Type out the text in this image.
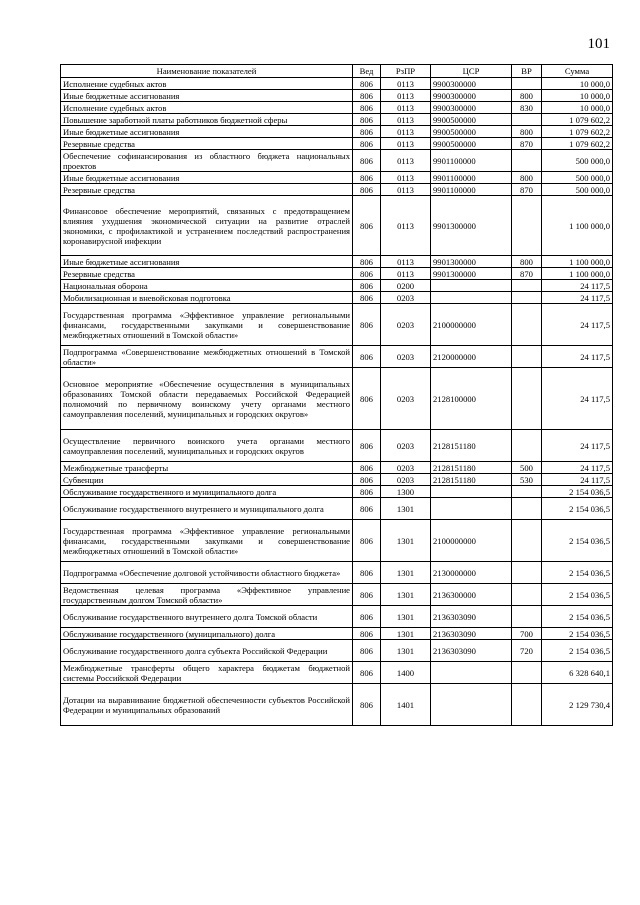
101
Наименование показателей	Вед	РзПР	ЦСР	ВР	Сумма
Исполнение судебных актов	806	0113	9900300000		10 000,0
Иные бюджетные ассигнования	806	0113	9900300000	800	10 000,0
Исполнение судебных актов	806	0113	9900300000	830	10 000,0
Повышение заработной платы работников бюджетной сферы	806	0113	9900500000		1 079 602,2
Иные бюджетные ассигнования	806	0113	9900500000	800	1 079 602,2
Резервные средства	806	0113	9900500000	870	1 079 602,2
Обеспечение софинансирования из областного бюджета национальных проектов	806	0113	9901100000		500 000,0
Иные бюджетные ассигнования	806	0113	9901100000	800	500 000,0
Резервные средства	806	0113	9901100000	870	500 000,0
Финансовое обеспечение мероприятий, связанных с предотвращением влияния ухудшения экономической ситуации на развитие отраслей экономики, с профилактикой и устранением последствий распространения коронавирусной инфекции	806	0113	9901300000		1 100 000,0
Иные бюджетные ассигнования	806	0113	9901300000	800	1 100 000,0
Резервные средства	806	0113	9901300000	870	1 100 000,0
Национальная оборона	806	0200			24 117,5
Мобилизационная и вневойсковая подготовка	806	0203			24 117,5
Государственная программа «Эффективное управление региональными финансами, государственными закупками и совершенствование межбюджетных отношений в Томской области»	806	0203	2100000000		24 117,5
Подпрограмма «Совершенствование межбюджетных отношений в Томской области»	806	0203	2120000000		24 117,5
Основное мероприятие «Обеспечение осуществления в муниципальных образованиях Томской области передаваемых Российской Федерацией полномочий по первичному воинскому учету органами местного самоуправления поселений, муниципальных и городских округов»	806	0203	2128100000		24 117,5
Осуществление первичного воинского учета органами местного самоуправления поселений, муниципальных и городских округов	806	0203	2128151180		24 117,5
Межбюджетные трансферты	806	0203	2128151180	500	24 117,5
Субвенции	806	0203	2128151180	530	24 117,5
Обслуживание государственного и муниципального долга	806	1300			2 154 036,5
Обслуживание государственного внутреннего и муниципального долга	806	1301			2 154 036,5
Государственная программа «Эффективное управление региональными финансами, государственными закупками и совершенствование межбюджетных отношений в Томской области»	806	1301	2100000000		2 154 036,5
Подпрограмма «Обеспечение долговой устойчивости областного бюджета»	806	1301	2130000000		2 154 036,5
Ведомственная целевая программа «Эффективное управление государственным долгом Томской области»	806	1301	2136300000		2 154 036,5
Обслуживание государственного внутреннего долга Томской области	806	1301	2136303090		2 154 036,5
Обслуживание государственного (муниципального) долга	806	1301	2136303090	700	2 154 036,5
Обслуживание государственного долга субъекта Российской Федерации	806	1301	2136303090	720	2 154 036,5
Межбюджетные трансферты общего характера бюджетам бюджетной системы Российской Федерации	806	1400			6 328 640,1
Дотации на выравнивание бюджетной обеспеченности субъектов Российской Федерации и муниципальных образований	806	1401			2 129 730,4
